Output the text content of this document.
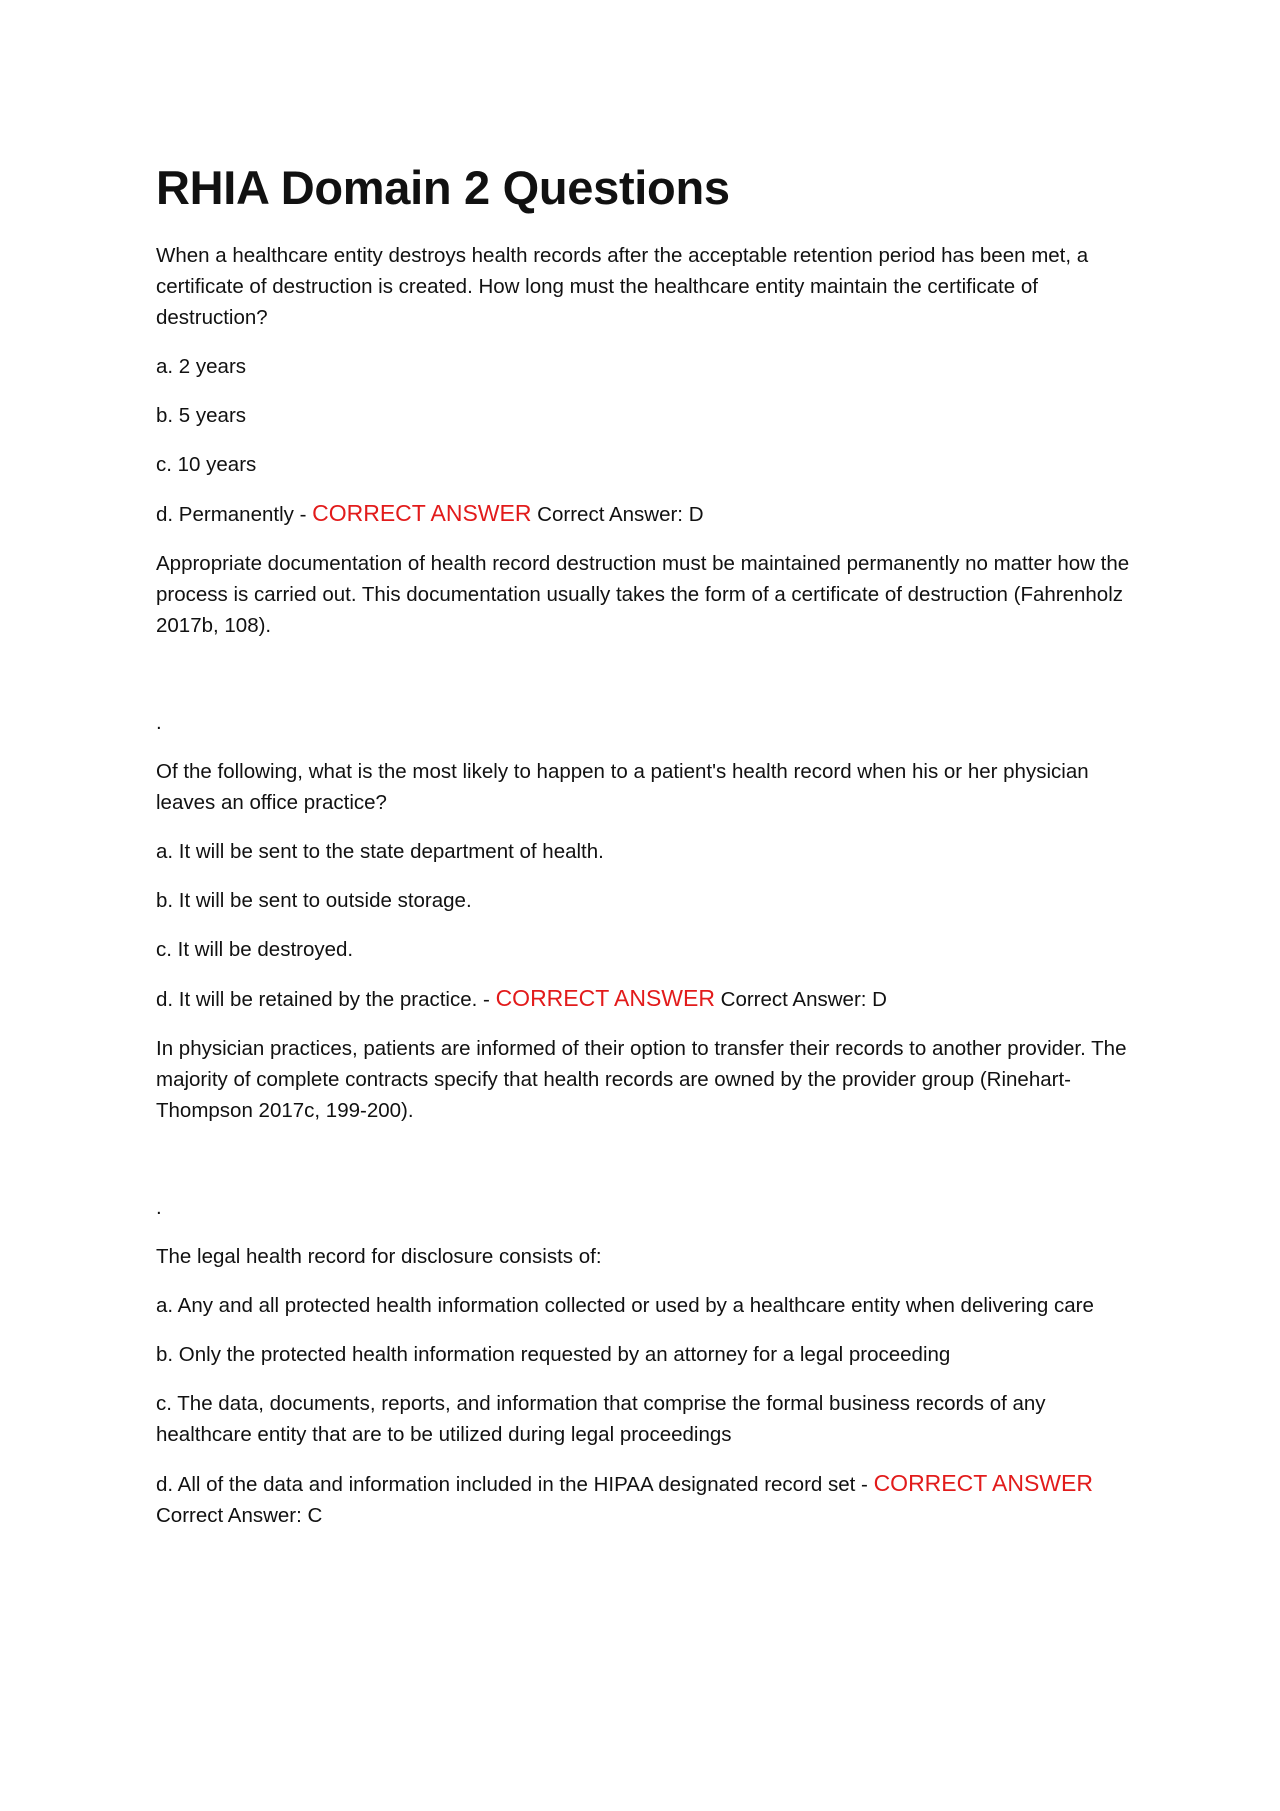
RHIA Domain 2 Questions

When a healthcare entity destroys health records after the acceptable retention period has been met, a certificate of destruction is created. How long must the healthcare entity maintain the certificate of destruction?

a. 2 years

b. 5 years

c. 10 years

d. Permanently - CORRECT ANSWER Correct Answer: D

Appropriate documentation of health record destruction must be maintained permanently no matter how the process is carried out. This documentation usually takes the form of a certificate of destruction (Fahrenholz 2017b, 108).

.

Of the following, what is the most likely to happen to a patient's health record when his or her physician leaves an office practice?

a. It will be sent to the state department of health.

b. It will be sent to outside storage.

c. It will be destroyed.

d. It will be retained by the practice. - CORRECT ANSWER Correct Answer: D

In physician practices, patients are informed of their option to transfer their records to another provider. The majority of complete contracts specify that health records are owned by the provider group (Rinehart-Thompson 2017c, 199-200).

.

The legal health record for disclosure consists of:

a. Any and all protected health information collected or used by a healthcare entity when delivering care

b. Only the protected health information requested by an attorney for a legal proceeding

c. The data, documents, reports, and information that comprise the formal business records of any healthcare entity that are to be utilized during legal proceedings

d. All of the data and information included in the HIPAA designated record set - CORRECT ANSWER
Correct Answer: C
